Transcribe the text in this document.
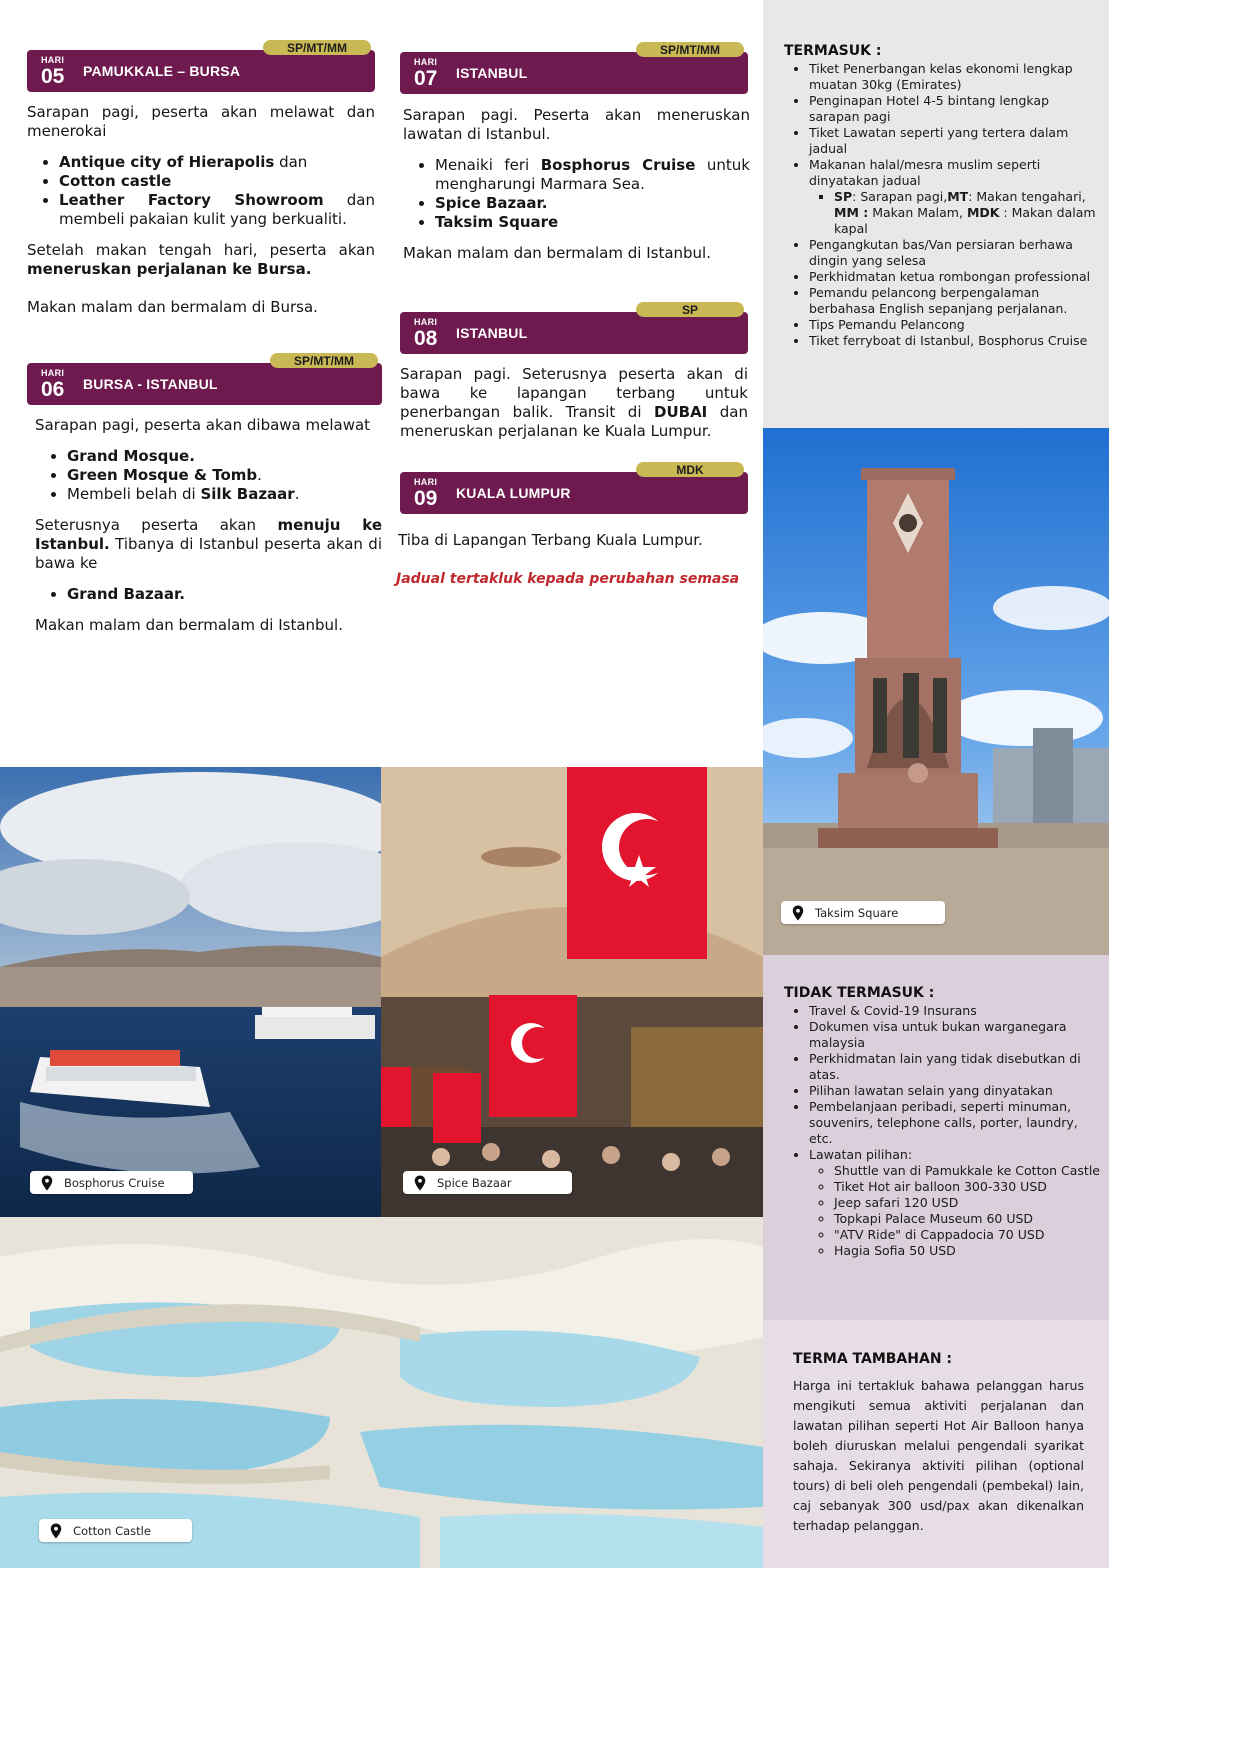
HARI
05	PAMUKKALE – BURSA
SP/MT/MM

Sarapan pagi, peserta akan melawat dan menerokai

• Antique city of Hierapolis dan
• Cotton castle
• Leather Factory Showroom dan membeli pakaian kulit yang berkualiti.

Setelah makan tengah hari, peserta akan meneruskan perjalanan ke Bursa.

Makan malam dan bermalam di Bursa.

HARI
06	BURSA - ISTANBUL
SP/MT/MM

Sarapan pagi, peserta akan dibawa melawat

• Grand Mosque.
• Green Mosque & Tomb.
• Membeli belah di Silk Bazaar.

Seterusnya peserta akan menuju ke Istanbul. Tibanya di Istanbul peserta akan di bawa ke

• Grand Bazaar.

Makan malam dan bermalam di Istanbul.

HARI
07	ISTANBUL
SP/MT/MM

Sarapan pagi. Peserta akan meneruskan lawatan di Istanbul.

• Menaiki feri Bosphorus Cruise untuk mengharungi Marmara Sea.
• Spice Bazaar.
• Taksim Square

Makan malam dan bermalam di Istanbul.

HARI
08	ISTANBUL
SP

Sarapan pagi. Seterusnya peserta akan di bawa ke lapangan terbang untuk penerbangan balik. Transit di DUBAI dan meneruskan perjalanan ke Kuala Lumpur.

HARI
09	KUALA LUMPUR
MDK

Tiba di Lapangan Terbang Kuala Lumpur.

Jadual tertakluk kepada perubahan semasa
TERMASUK :
• Tiket Penerbangan kelas ekonomi lengkap muatan 30kg (Emirates)
• Penginapan Hotel 4-5 bintang lengkap sarapan pagi
• Tiket Lawatan seperti yang tertera dalam jadual
• Makanan halal/mesra muslim seperti dinyatakan jadual
▪ SP: Sarapan pagi,MT: Makan tengahari, MM : Makan Malam, MDK : Makan dalam kapal
• Pengangkutan bas/Van persiaran berhawa dingin yang selesa
• Perkhidmatan ketua rombongan professional
• Pemandu pelancong berpengalaman berbahasa English sepanjang perjalanan.
• Tips Pemandu Pelancong
• Tiket ferryboat di Istanbul, Bosphorus Cruise
Taksim Square
TIDAK TERMASUK :
• Travel & Covid-19 Insurans
• Dokumen visa untuk bukan warganegara malaysia
• Perkhidmatan lain yang tidak disebutkan di atas.
• Pilihan lawatan selain yang dinyatakan
• Pembelanjaan peribadi, seperti minuman, souvenirs, telephone calls, porter, laundry, etc.
• Lawatan pilihan:
◦ Shuttle van di Pamukkale ke Cotton Castle
◦ Tiket Hot air balloon 300-330 USD
◦ Jeep safari 120 USD
◦ Topkapi Palace Museum 60 USD
◦ "ATV Ride" di Cappadocia 70 USD
◦ Hagia Sofia 50 USD
TERMA TAMBAHAN :

Harga ini tertakluk bahawa pelanggan harus mengikuti semua aktiviti perjalanan dan lawatan pilihan seperti Hot Air Balloon hanya boleh diuruskan melalui pengendali syarikat sahaja. Sekiranya aktiviti pilihan (optional tours) di beli oleh pengendali (pembekal) lain, caj sebanyak 300 usd/pax akan dikenalkan terhadap pelanggan.

Bosphorus Cruise	Spice Bazaar
Cotton Castle
